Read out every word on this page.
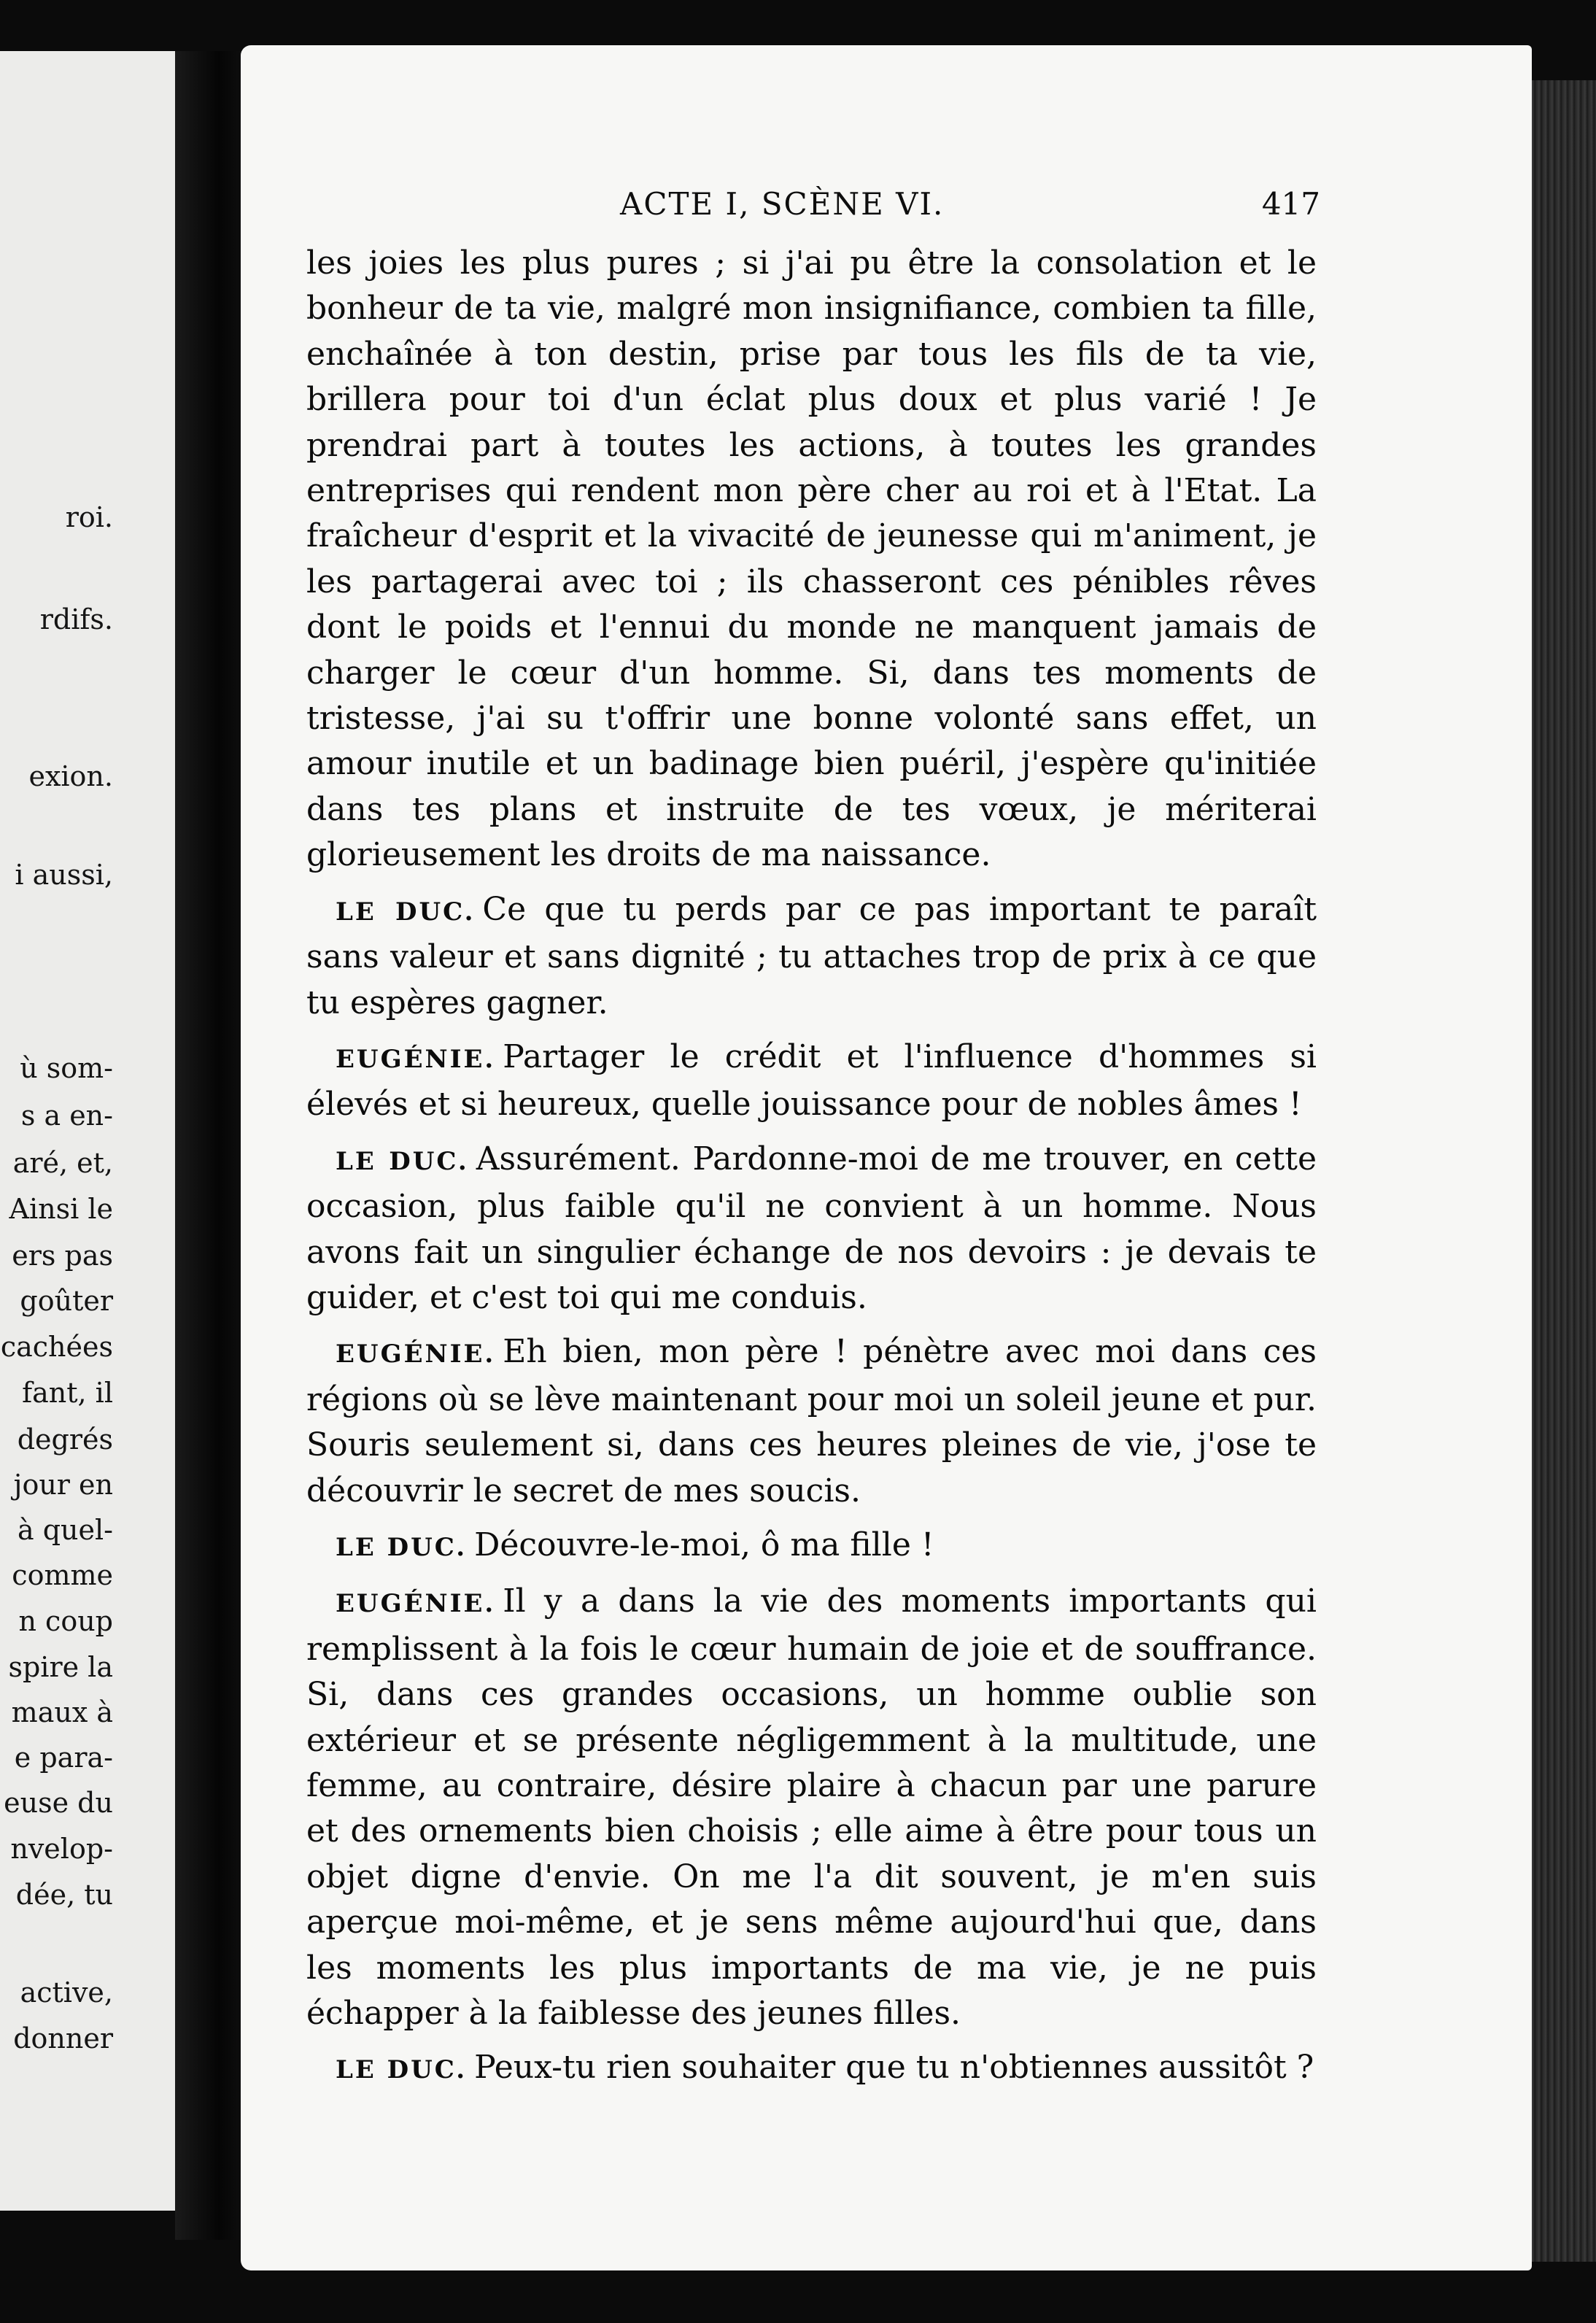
roi.
rdifs.
exion.
i aussi,
ù som-
s a en-
aré, et,
Ainsi le
ers pas
goûter
cachées
fant, il
degrés
jour en
à quel-
comme
n coup
spire la
maux à
e para-
euse du
nvelop-
dée, tu
active,
donner
ACTE I, SCÈNE VI.	417

les joies les plus pures ; si j'ai pu être la consolation et le bonheur de ta vie, malgré mon insignifiance, combien ta fille, enchaînée à ton destin, prise par tous les fils de ta vie, brillera pour toi d'un éclat plus doux et plus varié ! Je prendrai part à toutes les actions, à toutes les grandes entreprises qui rendent mon père cher au roi et à l'Etat. La fraîcheur d'esprit et la vivacité de jeunesse qui m'animent, je les partagerai avec toi ; ils chasseront ces pénibles rêves dont le poids et l'ennui du monde ne manquent jamais de charger le cœur d'un homme. Si, dans tes moments de tristesse, j'ai su t'offrir une bonne volonté sans effet, un amour inutile et un badinage bien puéril, j'espère qu'initiée dans tes plans et instruite de tes vœux, je mériterai glorieusement les droits de ma naissance.

LE DUC. Ce que tu perds par ce pas important te paraît sans valeur et sans dignité ; tu attaches trop de prix à ce que tu espères gagner.

EUGÉNIE. Partager le crédit et l'influence d'hommes si élevés et si heureux, quelle jouissance pour de nobles âmes !

LE DUC. Assurément. Pardonne-moi de me trouver, en cette occasion, plus faible qu'il ne convient à un homme. Nous avons fait un singulier échange de nos devoirs : je devais te guider, et c'est toi qui me conduis.

EUGÉNIE. Eh bien, mon père ! pénètre avec moi dans ces régions où se lève maintenant pour moi un soleil jeune et pur. Souris seulement si, dans ces heures pleines de vie, j'ose te découvrir le secret de mes soucis.

LE DUC. Découvre-le-moi, ô ma fille !

EUGÉNIE. Il y a dans la vie des moments importants qui remplissent à la fois le cœur humain de joie et de souffrance. Si, dans ces grandes occasions, un homme oublie son extérieur et se présente négligemment à la multitude, une femme, au contraire, désire plaire à chacun par une parure et des ornements bien choisis ; elle aime à être pour tous un objet digne d'envie. On me l'a dit souvent, je m'en suis aperçue moi-même, et je sens même aujourd'hui que, dans les moments les plus importants de ma vie, je ne puis échapper à la faiblesse des jeunes filles.

LE DUC. Peux-tu rien souhaiter que tu n'obtiennes aussitôt ?
